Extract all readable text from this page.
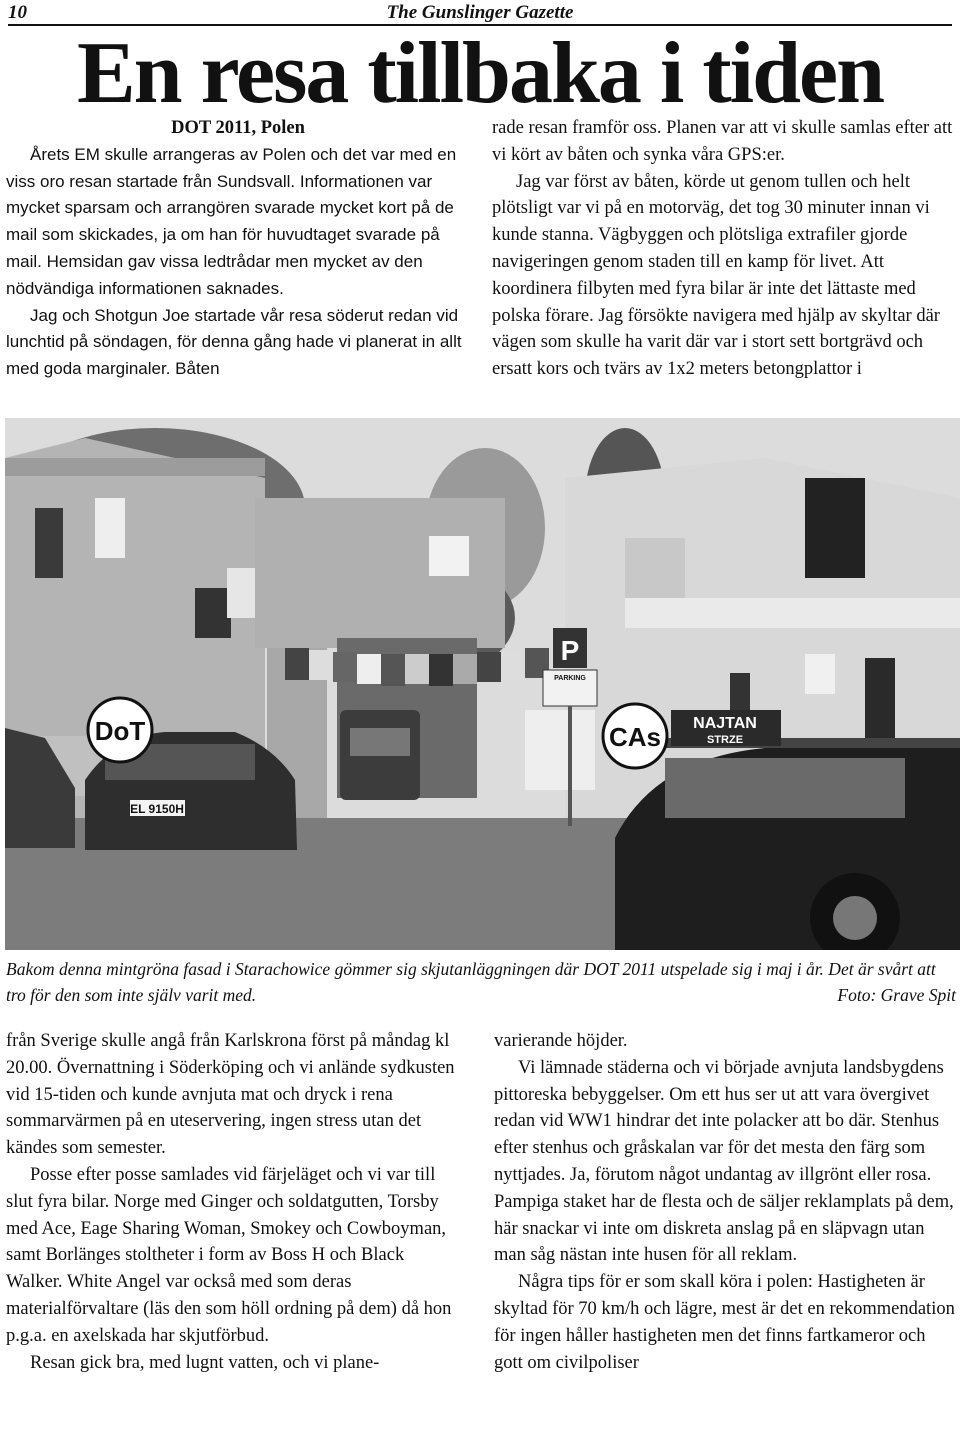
10	The Gunslinger Gazette
En resa tillbaka i tiden

DOT 2011, Polen

Årets EM skulle arrangeras av Polen och det var med en viss oro resan startade från Sundsvall. Informationen var mycket sparsam och arrangören svarade mycket kort på de mail som skickades, ja om han för huvudtaget svarade på mail. Hemsidan gav vissa ledtrådar men mycket av den nödvändiga informationen saknades.

Jag och Shotgun Joe startade vår resa söderut redan vid lunchtid på söndagen, för denna gång hade vi planerat in allt med goda marginaler. Båten

rade resan framför oss. Planen var att vi skulle samlas efter att vi kört av båten och synka våra GPS:er.

Jag var först av båten, körde ut genom tullen och helt plötsligt var vi på en motorväg, det tog 30 minuter innan vi kunde stanna. Vägbyggen och plötsliga extrafiler gjorde navigeringen genom staden till en kamp för livet. Att koordinera filbyten med fyra bilar är inte det lättaste med polska förare. Jag försökte navigera med hjälp av skyltar där vägen som skulle ha varit där var i stort sett bortgrävd och ersatt kors och tvärs av 1x2 meters betongplattor i

P
PARKING
DoT	CAs NAJTAN
STRZE
EL 9150H
Bakom denna mintgröna fasad i Starachowice gömmer sig skjutanläggningen där DOT 2011 utspelade sig i maj i år. Det är svårt att tro för den som inte själv varit med.	Foto: Grave Spit

från Sverige skulle angå från Karlskrona först på måndag kl 20.00. Övernattning i Söderköping och vi anlände sydkusten vid 15-tiden och kunde avnjuta mat och dryck i rena sommarvärmen på en uteservering, ingen stress utan det kändes som semester.

Posse efter posse samlades vid färjeläget och vi var till slut fyra bilar. Norge med Ginger och soldatgutten, Torsby med Ace, Eage Sharing Woman, Smokey och Cowboyman, samt Borlänges stoltheter i form av Boss H och Black Walker. White Angel var också med som deras materialförvaltare (läs den som höll ordning på dem) då hon p.g.a. en axelskada har skjutförbud.

Resan gick bra, med lugnt vatten, och vi plane-

varierande höjder.

Vi lämnade städerna och vi började avnjuta landsbygdens pittoreska bebyggelser. Om ett hus ser ut att vara övergivet redan vid WW1 hindrar det inte polacker att bo där. Stenhus efter stenhus och gråskalan var för det mesta den färg som nyttjades. Ja, förutom något undantag av illgrönt eller rosa. Pampiga staket har de flesta och de säljer reklamplats på dem, här snackar vi inte om diskreta anslag på en släpvagn utan man såg nästan inte husen för all reklam.

Några tips för er som skall köra i polen: Hastigheten är skyltad för 70 km/h och lägre, mest är det en rekommendation för ingen håller hastigheten men det finns fartkameror och gott om civilpoliser
